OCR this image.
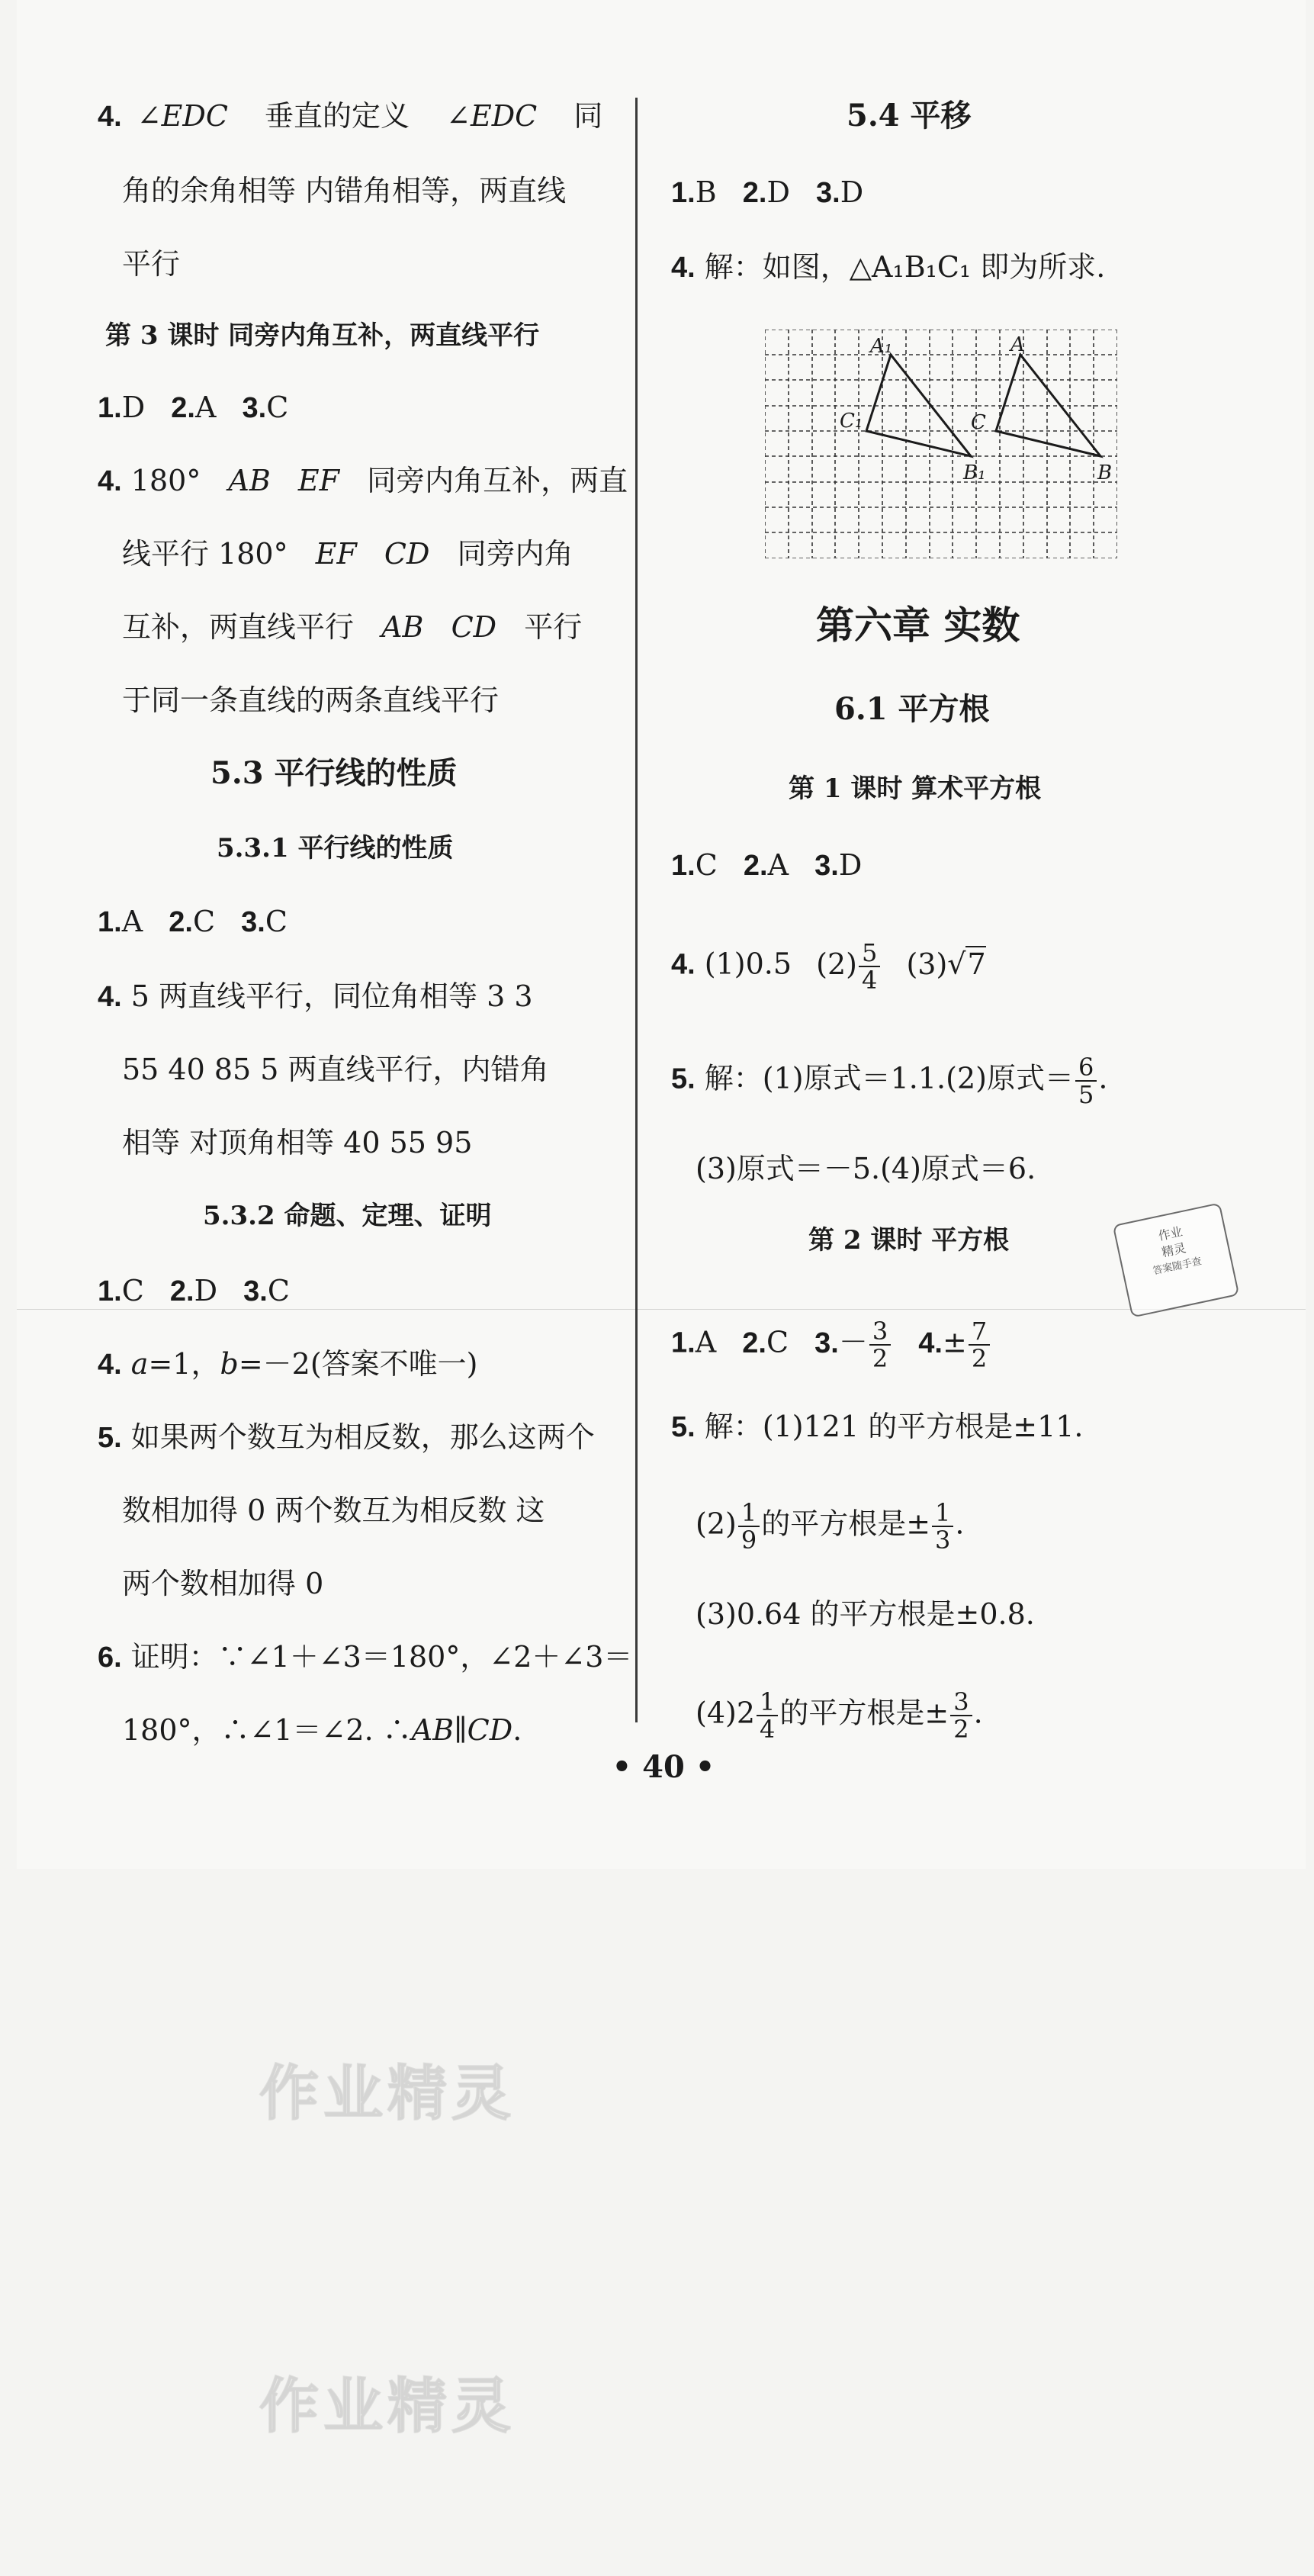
4. ∠EDC 垂直的定义 ∠EDC 同
角的余角相等 内错角相等，两直线
平行
第 3 课时 同旁内角互补，两直线平行
1.D 2.A 3.C
4. 180° AB EF 同旁内角互补，两直
线平行 180° EF CD 同旁内角
互补，两直线平行 AB CD 平行
于同一条直线的两条直线平行
5.3 平行线的性质
5.3.1 平行线的性质
1.A 2.C 3.C
4. 5 两直线平行，同位角相等 3 3
55 40 85 5 两直线平行，内错角
相等 对顶角相等 40 55 95
5.3.2 命题、定理、证明
1.C 2.D 3.C
4. a=1，b=－2(答案不唯一)
5. 如果两个数互为相反数，那么这两个
数相加得 0 两个数互为相反数 这
两个数相加得 0
6. 证明：∵∠1＋∠3＝180°，∠2＋∠3＝
180°，∴∠1＝∠2. ∴AB∥CD.
5.4 平移
1.B 2.D 3.D
4. 解：如图，△A₁B₁C₁ 即为所求.
A₁
C₁
B₁
A
C
B
第六章 实数
6.1 平方根
第 1 课时 算术平方根
1.C 2.A 3.D
4. (1)0.5 $(2) \frac{5}{4} (3)√7$
5. 解：(1)原式＝1.1.(2)原式＝ $\frac{6}{5}$ .
(3)原式＝－5.(4)原式＝6.
第 2 课时 平方根	作业
精灵
答案随手查
1.A 2.C $3.- \frac{3}{2} 4.\pm \frac{7}{2}$
5. 解：(1)121 的平方根是±11.
$(2) \frac{1}{9}$ 的平方根是± $\frac{1}{3}$ .
(3)0.64 的平方根是±0.8.
$(4)2 \frac{1}{4}$ 的平方根是± $\frac{3}{2}$ .
• 40 •
作业精灵
作业精灵
